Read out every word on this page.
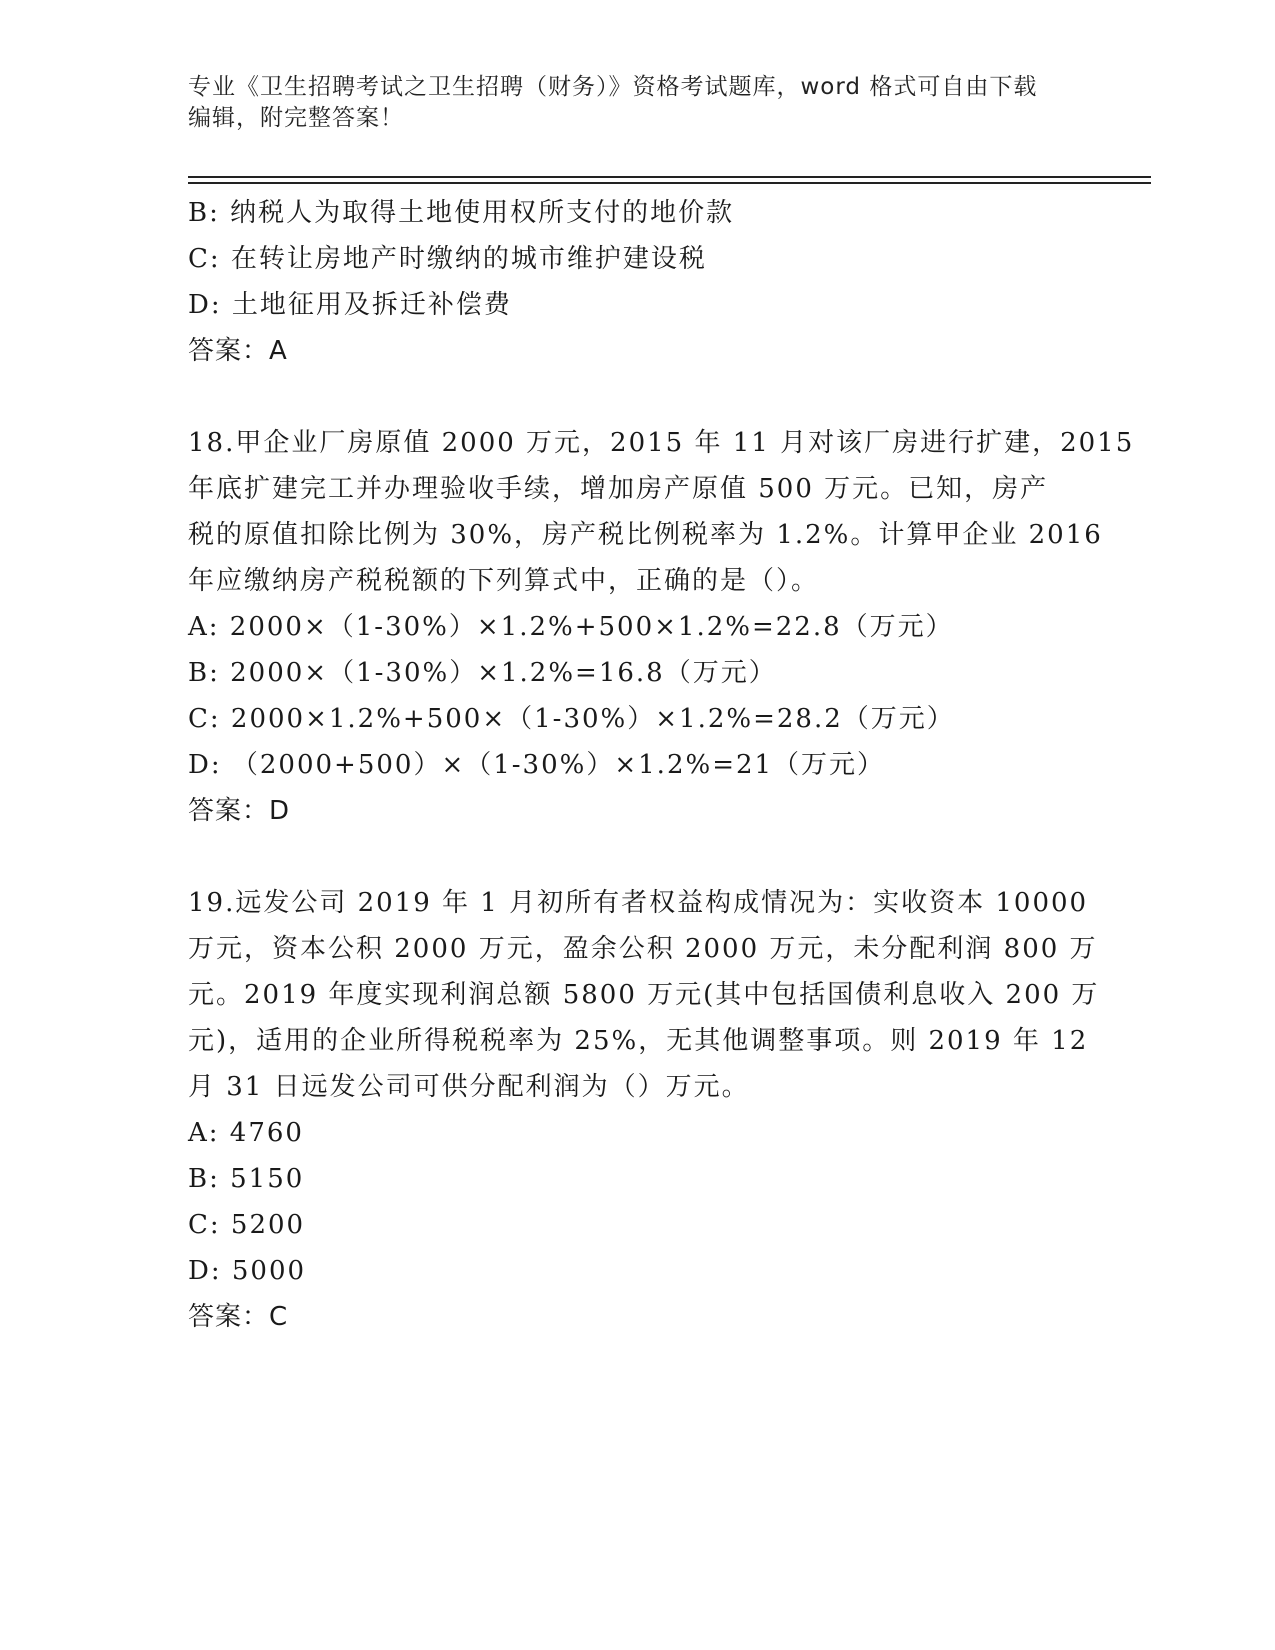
专业《卫生招聘考试之卫生招聘（财务）》资格考试题库，word 格式可自由下载
编辑，附完整答案！
B: 纳税人为取得土地使用权所支付的地价款
C: 在转让房地产时缴纳的城市维护建设税
D: 土地征用及拆迁补偿费
答案：A
18.甲企业厂房原值 2000 万元，2015 年 11 月对该厂房进行扩建，2015
年底扩建完工并办理验收手续，增加房产原值 500 万元。已知，房产
税的原值扣除比例为 30%，房产税比例税率为 1.2%。计算甲企业 2016
年应缴纳房产税税额的下列算式中，正确的是（）。
A: 2000×（1-30%）×1.2%+500×1.2%=22.8（万元）
B: 2000×（1-30%）×1.2%=16.8（万元）
C: 2000×1.2%+500×（1-30%）×1.2%=28.2（万元）
D: （2000+500）×（1-30%）×1.2%=21（万元）
答案：D
19.远发公司 2019 年 1 月初所有者权益构成情况为：实收资本 10000
万元，资本公积 2000 万元，盈余公积 2000 万元，未分配利润 800 万
元。2019 年度实现利润总额 5800 万元(其中包括国债利息收入 200 万
元)，适用的企业所得税税率为 25%，无其他调整事项。则 2019 年 12
月 31 日远发公司可供分配利润为（）万元。
A: 4760
B: 5150
C: 5200
D: 5000
答案：C
